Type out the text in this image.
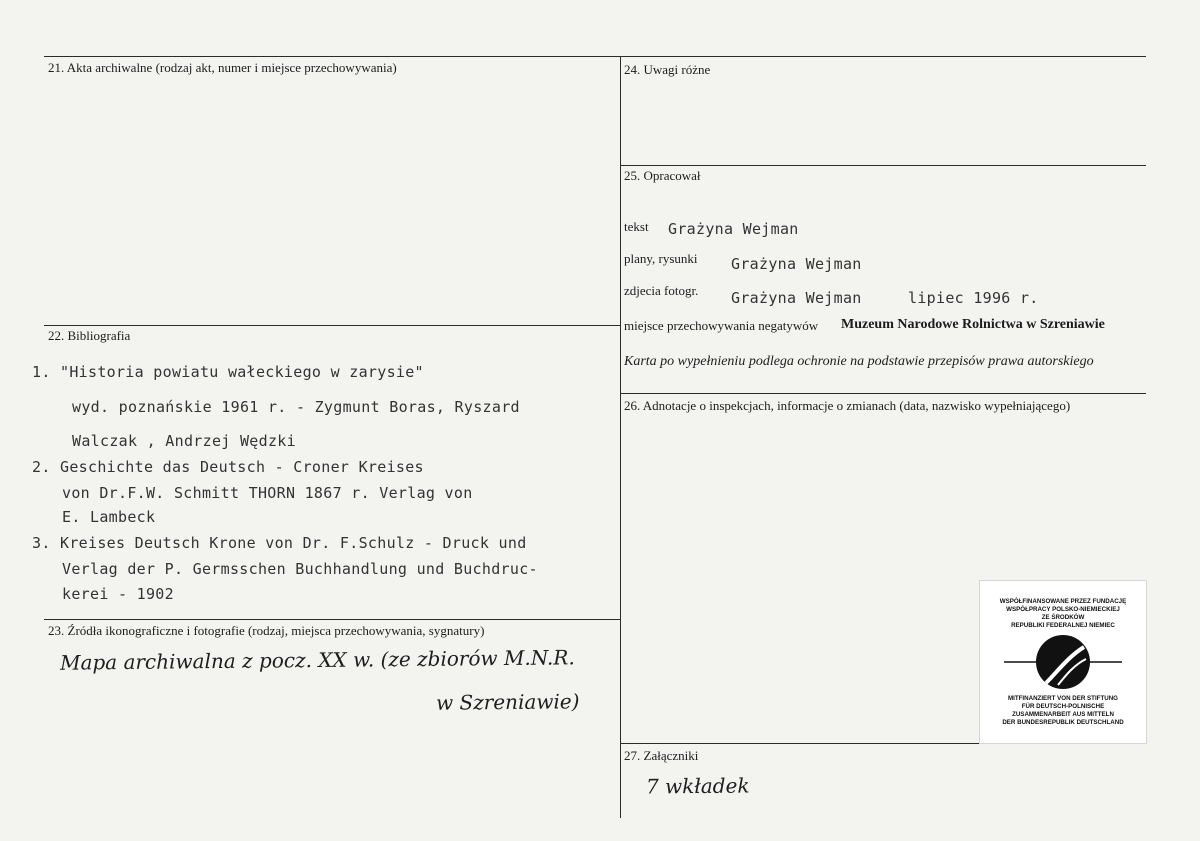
21. Akta archiwalne (rodzaj akt, numer i miejsce przechowywania)
22. Bibliografia
1. "Historia powiatu wałeckiego w zarysie"
wyd. poznańskie 1961 r. - Zygmunt Boras, Ryszard
Walczak , Andrzej Wędzki
2. Geschichte das Deutsch - Croner Kreises
von Dr.F.W. Schmitt THORN 1867 r. Verlag von
E. Lambeck
3. Kreises Deutsch Krone von Dr. F.Schulz - Druck und
Verlag der P. Germsschen Buchhandlung und Buchdruc-
kerei - 1902
23. Źródła ikonograficzne i fotografie (rodzaj, miejsca przechowywania, sygnatury)
Mapa archiwalna z pocz. XX w. (ze zbiorów M.N.R.
w Szreniawie)
24. Uwagi różne
25. Opracował
tekst Grażyna Wejman
plany, rysunki Grażyna Wejman
zdjecia fotogr. Grażyna Wejman	lipiec 1996 r.
miejsce przechowywania negatywów Muzeum Narodowe Rolnictwa w Szreniawie
Karta po wypełnieniu podlega ochronie na podstawie przepisów prawa autorskiego
26. Adnotacje o inspekcjach, informacje o zmianach (data, nazwisko wypełniającego)
WSPÓŁFINANSOWANE PRZEZ FUNDACJĘ
WSPÓŁPRACY POLSKO-NIEMIECKIEJ
ZE ŚRODKÓW
REPUBLIKI FEDERALNEJ NIEMIEC
MITFINANZIERT VON DER STIFTUNG
FÜR DEUTSCH-POLNISCHE
ZUSAMMENARBEIT AUS MITTELN
DER BUNDESREPUBLIK DEUTSCHLAND
27. Załączniki
7 wkładek
